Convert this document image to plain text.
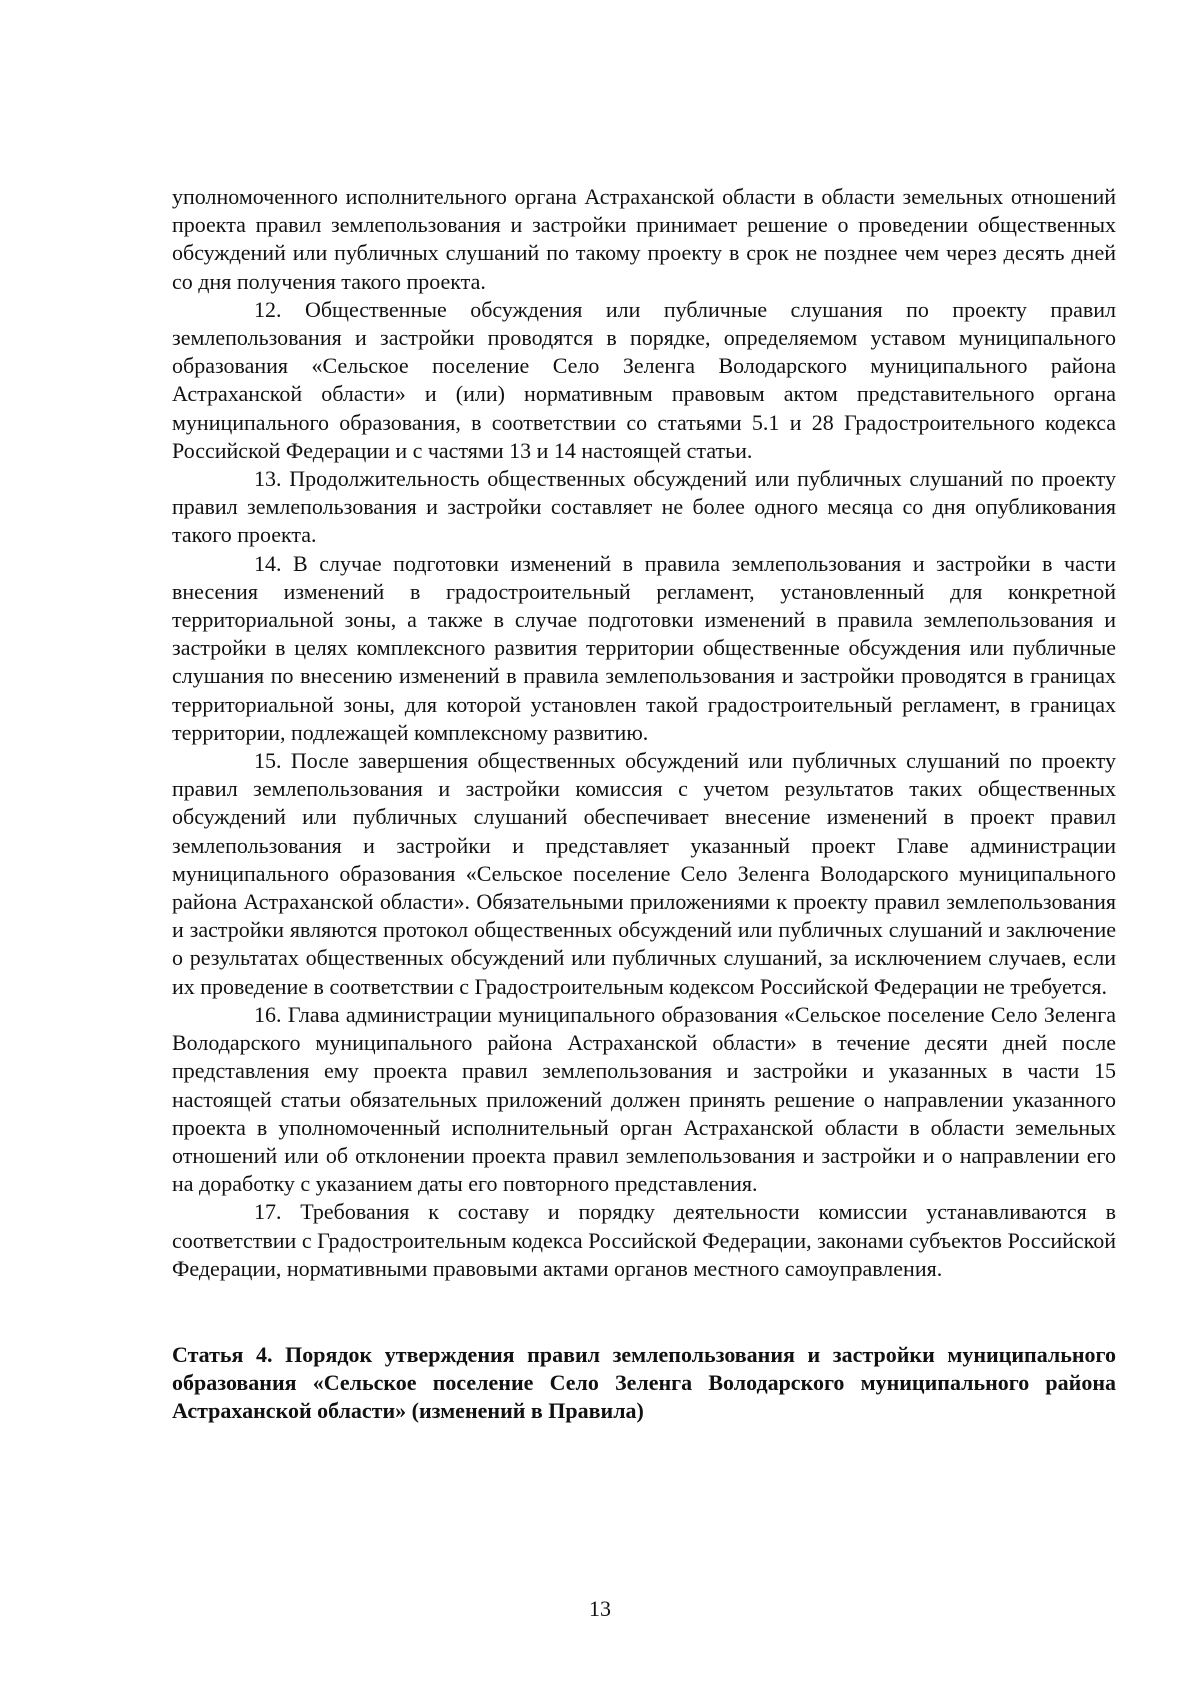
уполномоченного исполнительного органа Астраханской области в области земельных отношений проекта правил землепользования и застройки принимает решение о проведении общественных обсуждений или публичных слушаний по такому проекту в срок не позднее чем через десять дней со дня получения такого проекта.

12. Общественные обсуждения или публичные слушания по проекту правил землепользования и застройки проводятся в порядке, определяемом уставом муниципального образования «Сельское поселение Село Зеленга Володарского муниципального района Астраханской области» и (или) нормативным правовым актом представительного органа муниципального образования, в соответствии со статьями 5.1 и 28 Градостроительного кодекса Российской Федерации и с частями 13 и 14 настоящей статьи.

13. Продолжительность общественных обсуждений или публичных слушаний по проекту правил землепользования и застройки составляет не более одного месяца со дня опубликования такого проекта.

14. В случае подготовки изменений в правила землепользования и застройки в части внесения изменений в градостроительный регламент, установленный для конкретной территориальной зоны, а также в случае подготовки изменений в правила землепользования и застройки в целях комплексного развития территории общественные обсуждения или публичные слушания по внесению изменений в правила землепользования и застройки проводятся в границах территориальной зоны, для которой установлен такой градостроительный регламент, в границах территории, подлежащей комплексному развитию.

15. После завершения общественных обсуждений или публичных слушаний по проекту правил землепользования и застройки комиссия с учетом результатов таких общественных обсуждений или публичных слушаний обеспечивает внесение изменений в проект правил землепользования и застройки и представляет указанный проект Главе администрации муниципального образования «Сельское поселение Село Зеленга Володарского муниципального района Астраханской области». Обязательными приложениями к проекту правил землепользования и застройки являются протокол общественных обсуждений или публичных слушаний и заключение о результатах общественных обсуждений или публичных слушаний, за исключением случаев, если их проведение в соответствии с Градостроительным кодексом Российской Федерации не требуется.

16. Глава администрации муниципального образования «Сельское поселение Село Зеленга Володарского муниципального района Астраханской области» в течение десяти дней после представления ему проекта правил землепользования и застройки и указанных в части 15 настоящей статьи обязательных приложений должен принять решение о направлении указанного проекта в уполномоченный исполнительный орган Астраханской области в области земельных отношений или об отклонении проекта правил землепользования и застройки и о направлении его на доработку с указанием даты его повторного представления.

17. Требования к составу и порядку деятельности комиссии устанавливаются в соответствии с Градостроительным кодекса Российской Федерации, законами субъектов Российской Федерации, нормативными правовыми актами органов местного самоуправления.

Статья 4. Порядок утверждения правил землепользования и застройки муниципального образования «Сельское поселение Село Зеленга Володарского муниципального района Астраханской области» (изменений в Правила)

13
